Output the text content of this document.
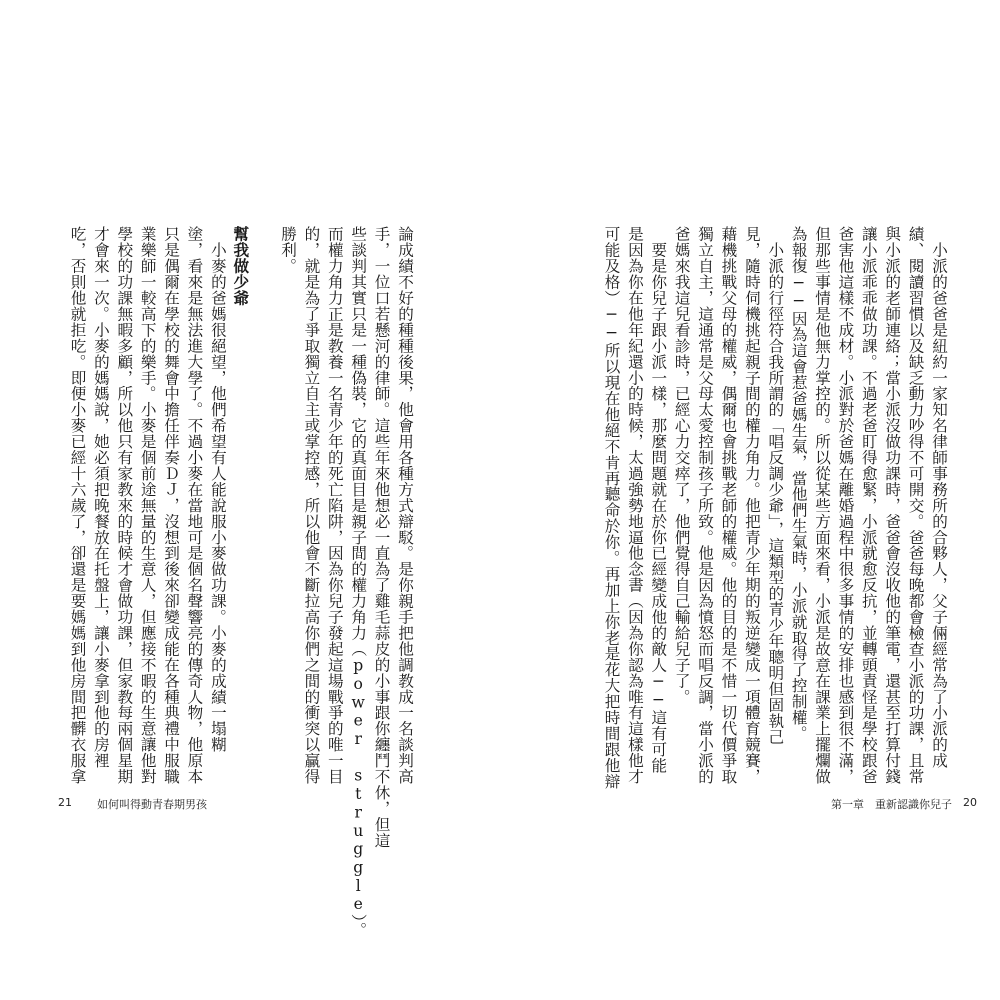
　小派的爸爸是紐約一家知名律師事務所的合夥人，父子倆經常為了小派的成
績、閱讀習慣以及缺乏動力吵得不可開交。爸爸每晚都會檢查小派的功課，且常
與小派的老師連絡；當小派沒做功課時，爸爸會沒收他的筆電，還甚至打算付錢
讓小派乖乖做功課。不過老爸盯得愈緊，小派就愈反抗，並轉頭責怪是學校跟爸
爸害他這樣不成材。小派對於爸媽在離婚過程中很多事情的安排也感到很不滿，
但那些事情是他無力掌控的。所以從某些方面來看，小派是故意在課業上擺爛做
為報復──因為這會惹爸媽生氣，當他們生氣時，小派就取得了控制權。
　小派的行徑符合我所謂的「唱反調少爺」，這類型的青少年聰明但固執己
見，隨時伺機挑起親子間的權力角力。他把青少年期的叛逆變成一項體育競賽，
藉機挑戰父母的權威，偶爾也會挑戰老師的權威。他的目的是不惜一切代價爭取
獨立自主，這通常是父母太愛控制孩子所致。他是因為憤怒而唱反調，當小派的
爸媽來我這兒看診時，已經心力交瘁了，他們覺得自己輸給兒子了。
　要是你兒子跟小派一樣，那麼問題就在於你已經變成他的敵人──這有可能
是因為你在他年紀還小的時候，太過強勢地逼他念書（因為你認為唯有這樣他才
可能及格）──所以現在他絕不肯再聽命於你。再加上你老是花大把時間跟他辯
第一章　重新認識你兒子 20
論成績不好的種種後果，他會用各種方式辯駁。是你親手把他調教成一名談判高
手，一位口若懸河的律師。這些年來他想必一直為了雞毛蒜皮的小事跟你纏鬥不休，但這
些談判其實只是一種偽裝，它的真面目是親子間的權力角力（power struggle）。
而權力角力正是教養一名青少年的死亡陷阱，因為你兒子發起這場戰爭的唯一目
的，就是為了爭取獨立自主或掌控感，所以他會不斷拉高你們之間的衝突以贏得
勝利。
幫我做少爺
　小麥的爸媽很絕望，他們希望有人能說服小麥做功課。小麥的成績一塌糊
塗，看來是無法進大學了。不過小麥在當地可是個名聲響亮的傳奇人物，他原本
只是偶爾在學校的舞會中擔任伴奏ＤＪ，沒想到後來卻變成能在各種典禮中服職
業樂師一較高下的樂手。小麥是個前途無量的生意人，但應接不暇的生意讓他對
學校的功課無暇多顧，所以他只有家教來的時候才會做功課，但家教每兩個星期
才會來一次。小麥的媽媽說，她必須把晚餐放在托盤上，讓小麥拿到他的房裡
吃，否則他就拒吃。即便小麥已經十六歲了，卻還是要媽媽到他房間把髒衣服拿
21 如何叫得動青春期男孩
